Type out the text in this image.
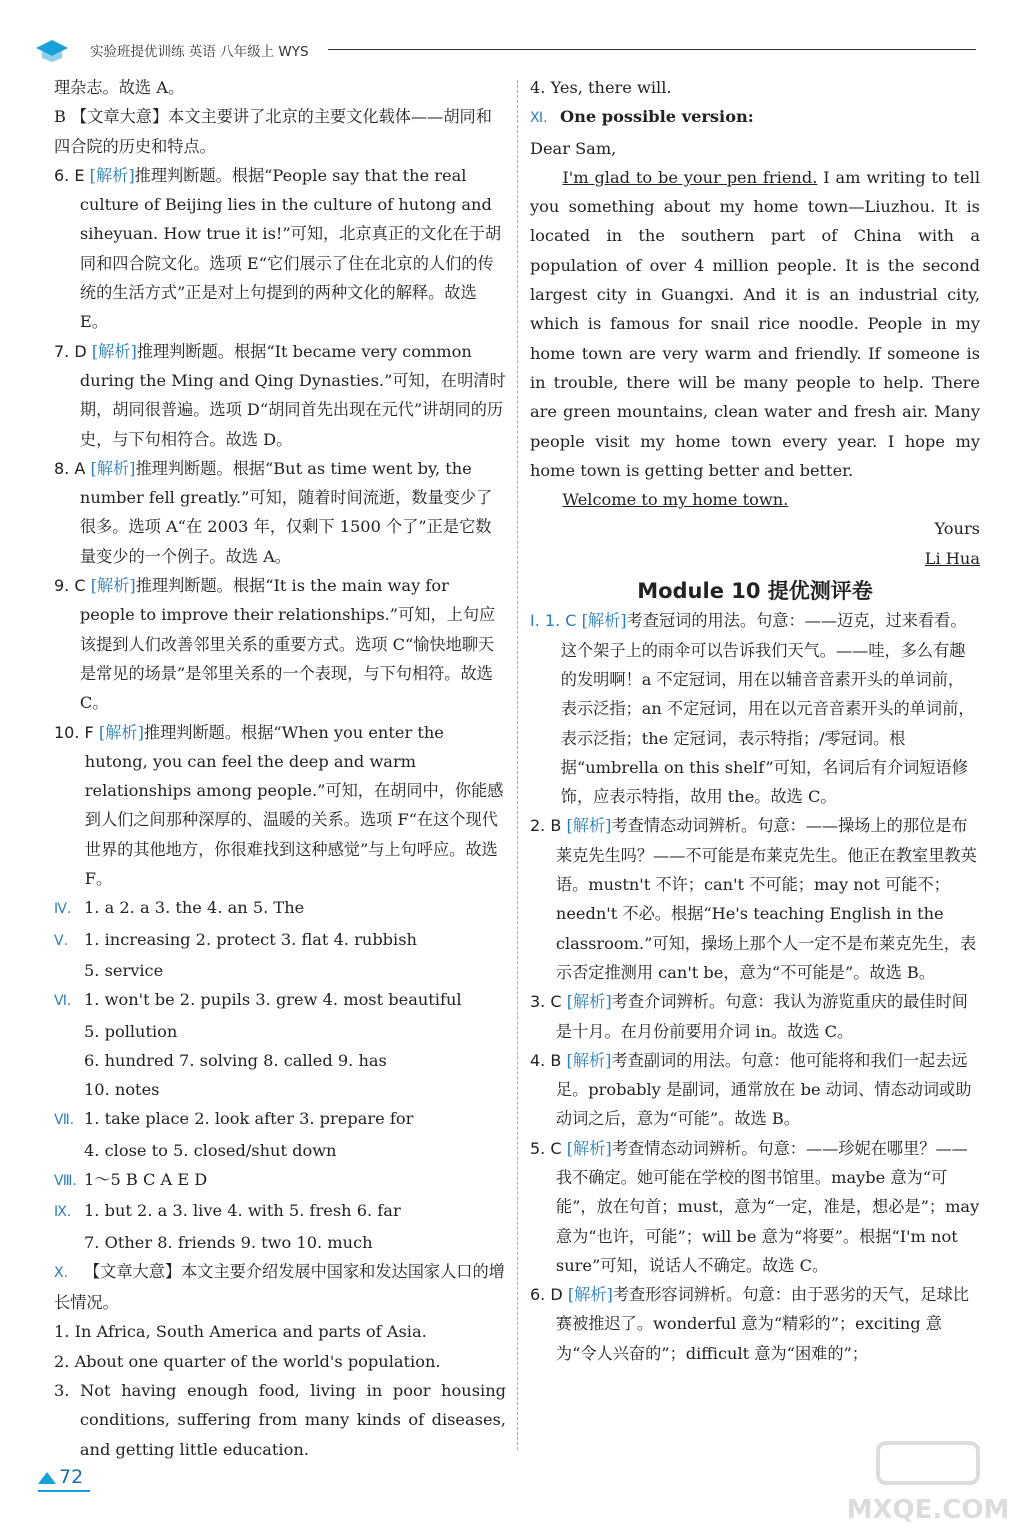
实验班提优训练 英语 八年级上 WYS

理杂志。故选 A。

B 【文章大意】本文主要讲了北京的主要文化载体——胡同和四合院的历史和特点。

6. E [解析]推理判断题。根据“People say that the real culture of Beijing lies in the culture of hutong and siheyuan. How true it is!”可知，北京真正的文化在于胡同和四合院文化。选项 E“它们展示了住在北京的人们的传统的生活方式”正是对上句提到的两种文化的解释。故选 E。

7. D [解析]推理判断题。根据“It became very common during the Ming and Qing Dynasties.”可知，在明清时期，胡同很普遍。选项 D“胡同首先出现在元代”讲胡同的历史，与下句相符合。故选 D。

8. A [解析]推理判断题。根据“But as time went by, the number fell greatly.”可知，随着时间流逝，数量变少了很多。选项 A“在 2003 年，仅剩下 1500 个了”正是它数量变少的一个例子。故选 A。

9. C [解析]推理判断题。根据“It is the main way for people to improve their relationships.”可知，上句应该提到人们改善邻里关系的重要方式。选项 C“愉快地聊天是常见的场景”是邻里关系的一个表现，与下句相符。故选 C。

10. F [解析]推理判断题。根据“When you enter the hutong, you can feel the deep and warm relationships among people.”可知，在胡同中，你能感到人们之间那种深厚的、温暖的关系。选项 F“在这个现代世界的其他地方，你很难找到这种感觉”与上句呼应。故选 F。

Ⅳ. 1. a 2. a 3. the 4. an 5. The
Ⅴ. 1. increasing 2. protect 3. flat 4. rubbish
5. service
Ⅵ. 1. won't be 2. pupils 3. grew 4. most beautiful
5. pollution
6. hundred 7. solving 8. called 9. has
10. notes
Ⅶ. 1. take place 2. look after 3. prepare for
4. close to 5. closed/shut down
Ⅷ. 1～5 B C A E D
Ⅸ. 1. but 2. a 3. live 4. with 5. fresh 6. far
7. Other 8. friends 9. two 10. much

Ⅹ. 【文章大意】本文主要介绍发展中国家和发达国家人口的增长情况。

1. In Africa, South America and parts of Asia.

2. About one quarter of the world's population.

3. Not having enough food, living in poor housing conditions, suffering from many kinds of diseases, and getting little education.

4. Yes, there will.

Ⅺ. One possible version:

Dear Sam,

I'm glad to be your pen friend. I am writing to tell you something about my home town—Liuzhou. It is located in the southern part of China with a population of over 4 million people. It is the second largest city in Guangxi. And it is an industrial city, which is famous for snail rice noodle. People in my home town are very warm and friendly. If someone is in trouble, there will be many people to help. There are green mountains, clean water and fresh air. Many people visit my home town every year. I hope my home town is getting better and better.

Welcome to my home town.

Yours

Li Hua

Module 10 提优测评卷

Ⅰ. 1. C [解析]考查冠词的用法。句意：——迈克，过来看看。这个架子上的雨伞可以告诉我们天气。——哇，多么有趣的发明啊！a 不定冠词，用在以辅音音素开头的单词前，表示泛指；an 不定冠词，用在以元音音素开头的单词前，表示泛指；the 定冠词，表示特指；/零冠词。根据“umbrella on this shelf”可知，名词后有介词短语修饰，应表示特指，故用 the。故选 C。

2. B [解析]考查情态动词辨析。句意：——操场上的那位是布莱克先生吗？——不可能是布莱克先生。他正在教室里教英语。mustn't 不许；can't 不可能；may not 可能不；needn't 不必。根据“He's teaching English in the classroom.”可知，操场上那个人一定不是布莱克先生，表示否定推测用 can't be，意为“不可能是”。故选 B。

3. C [解析]考查介词辨析。句意：我认为游览重庆的最佳时间是十月。在月份前要用介词 in。故选 C。

4. B [解析]考查副词的用法。句意：他可能将和我们一起去远足。probably 是副词，通常放在 be 动词、情态动词或助动词之后，意为“可能”。故选 B。

5. C [解析]考查情态动词辨析。句意：——珍妮在哪里？——我不确定。她可能在学校的图书馆里。maybe 意为“可能”，放在句首；must，意为“一定，准是，想必是”；may 意为“也许，可能”；will be 意为“将要”。根据“I'm not sure”可知，说话人不确定。故选 C。

6. D [解析]考查形容词辨析。句意：由于恶劣的天气，足球比赛被推迟了。wonderful 意为“精彩的”；exciting 意为“令人兴奋的”；difficult 意为“困难的”；

72
MXQE.COM
